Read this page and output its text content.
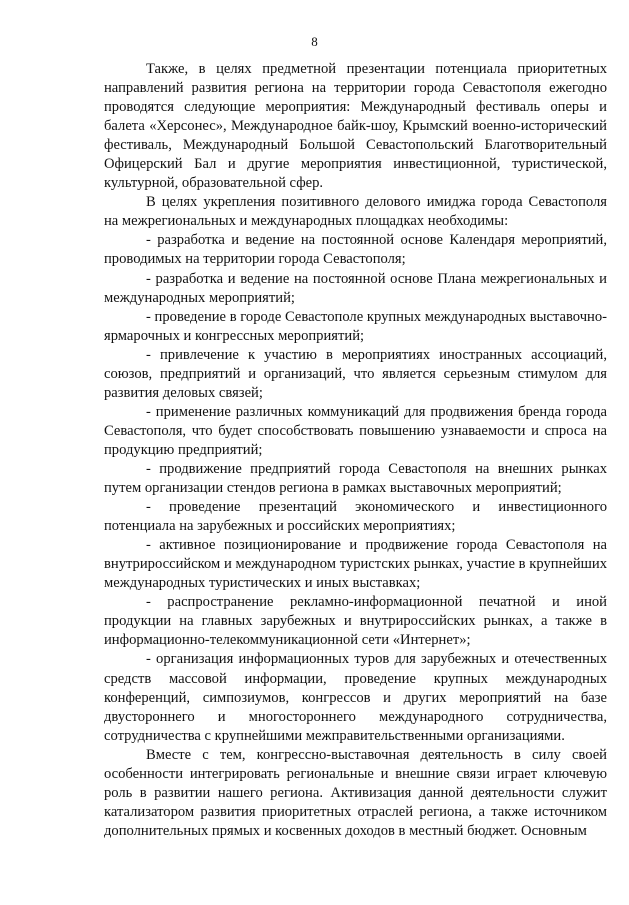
8

Также, в целях предметной презентации потенциала приоритетных направлений развития региона на территории города Севастополя ежегодно проводятся следующие мероприятия: Международный фестиваль оперы и балета «Херсонес», Международное байк-шоу, Крымский военно-исторический фестиваль, Международный Большой Севастопольский Благотворительный Офицерский Бал и другие мероприятия инвестиционной, туристической, культурной, образовательной сфер.

В целях укрепления позитивного делового имиджа города Севастополя на межрегиональных и международных площадках необходимы:

- разработка и ведение на постоянной основе Календаря мероприятий, проводимых на территории города Севастополя;

- разработка и ведение на постоянной основе Плана межрегиональных и международных мероприятий;

- проведение в городе Севастополе крупных международных выставочно-ярмарочных и конгрессных мероприятий;

- привлечение к участию в мероприятиях иностранных ассоциаций, союзов, предприятий и организаций, что является серьезным стимулом для развития деловых связей;

- применение различных коммуникаций для продвижения бренда города Севастополя, что будет способствовать повышению узнаваемости и спроса на продукцию предприятий;

- продвижение предприятий города Севастополя на внешних рынках путем организации стендов региона в рамках выставочных мероприятий;

- проведение презентаций экономического и инвестиционного потенциала на зарубежных и российских мероприятиях;

- активное позиционирование и продвижение города Севастополя на внутрироссийском и международном туристских рынках, участие в крупнейших международных туристических и иных выставках;

- распространение рекламно-информационной печатной и иной продукции на главных зарубежных и внутрироссийских рынках, а также в информационно-телекоммуникационной сети «Интернет»;

- организация информационных туров для зарубежных и отечественных средств массовой информации, проведение крупных международных конференций, симпозиумов, конгрессов и других мероприятий на базе двустороннего и многостороннего международного сотрудничества, сотрудничества с крупнейшими межправительственными организациями.

Вместе с тем, конгрессно-выставочная деятельность в силу своей особенности интегрировать региональные и внешние связи играет ключевую роль в развитии нашего региона. Активизация данной деятельности служит катализатором развития приоритетных отраслей региона, а также источником дополнительных прямых и косвенных доходов в местный бюджет. Основным
